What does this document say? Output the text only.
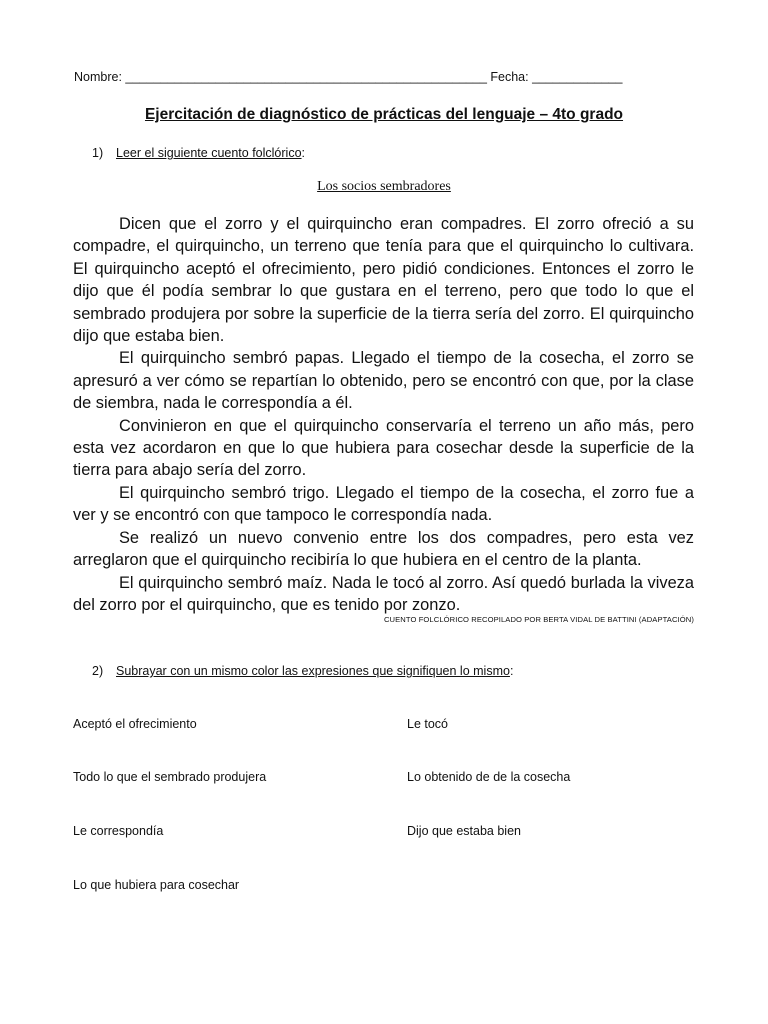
Nombre: ____________________________________________________ Fecha: _____________
Ejercitación de diagnóstico de prácticas del lenguaje – 4to grado
1) Leer el siguiente cuento folclórico:
Los socios sembradores

Dicen que el zorro y el quirquincho eran compadres. El zorro ofreció a su compadre, el quirquincho, un terreno que tenía para que el quirquincho lo cultivara. El quirquincho aceptó el ofrecimiento, pero pidió condiciones. Entonces el zorro le dijo que él podía sembrar lo que gustara en el terreno, pero que todo lo que el sembrado produjera por sobre la superficie de la tierra sería del zorro. El quirquincho dijo que estaba bien.

El quirquincho sembró papas. Llegado el tiempo de la cosecha, el zorro se apresuró a ver cómo se repartían lo obtenido, pero se encontró con que, por la clase de siembra, nada le correspondía a él.

Convinieron en que el quirquincho conservaría el terreno un año más, pero esta vez acordaron en que lo que hubiera para cosechar desde la superficie de la tierra para abajo sería del zorro.

El quirquincho sembró trigo. Llegado el tiempo de la cosecha, el zorro fue a ver y se encontró con que tampoco le correspondía nada.

Se realizó un nuevo convenio entre los dos compadres, pero esta vez arreglaron que el quirquincho recibiría lo que hubiera en el centro de la planta.

El quirquincho sembró maíz. Nada le tocó al zorro. Así quedó burlada la viveza del zorro por el quirquincho, que es tenido por zonzo.

CUENTO FOLCLÓRICO RECOPILADO POR BERTA VIDAL DE BATTINI (ADAPTACIÓN)
2) Subrayar con un mismo color las expresiones que signifiquen lo mismo:
Aceptó el ofrecimiento
Todo lo que el sembrado produjera
Le correspondía
Lo que hubiera para cosechar
Le tocó
Lo obtenido de de la cosecha
Dijo que estaba bien
